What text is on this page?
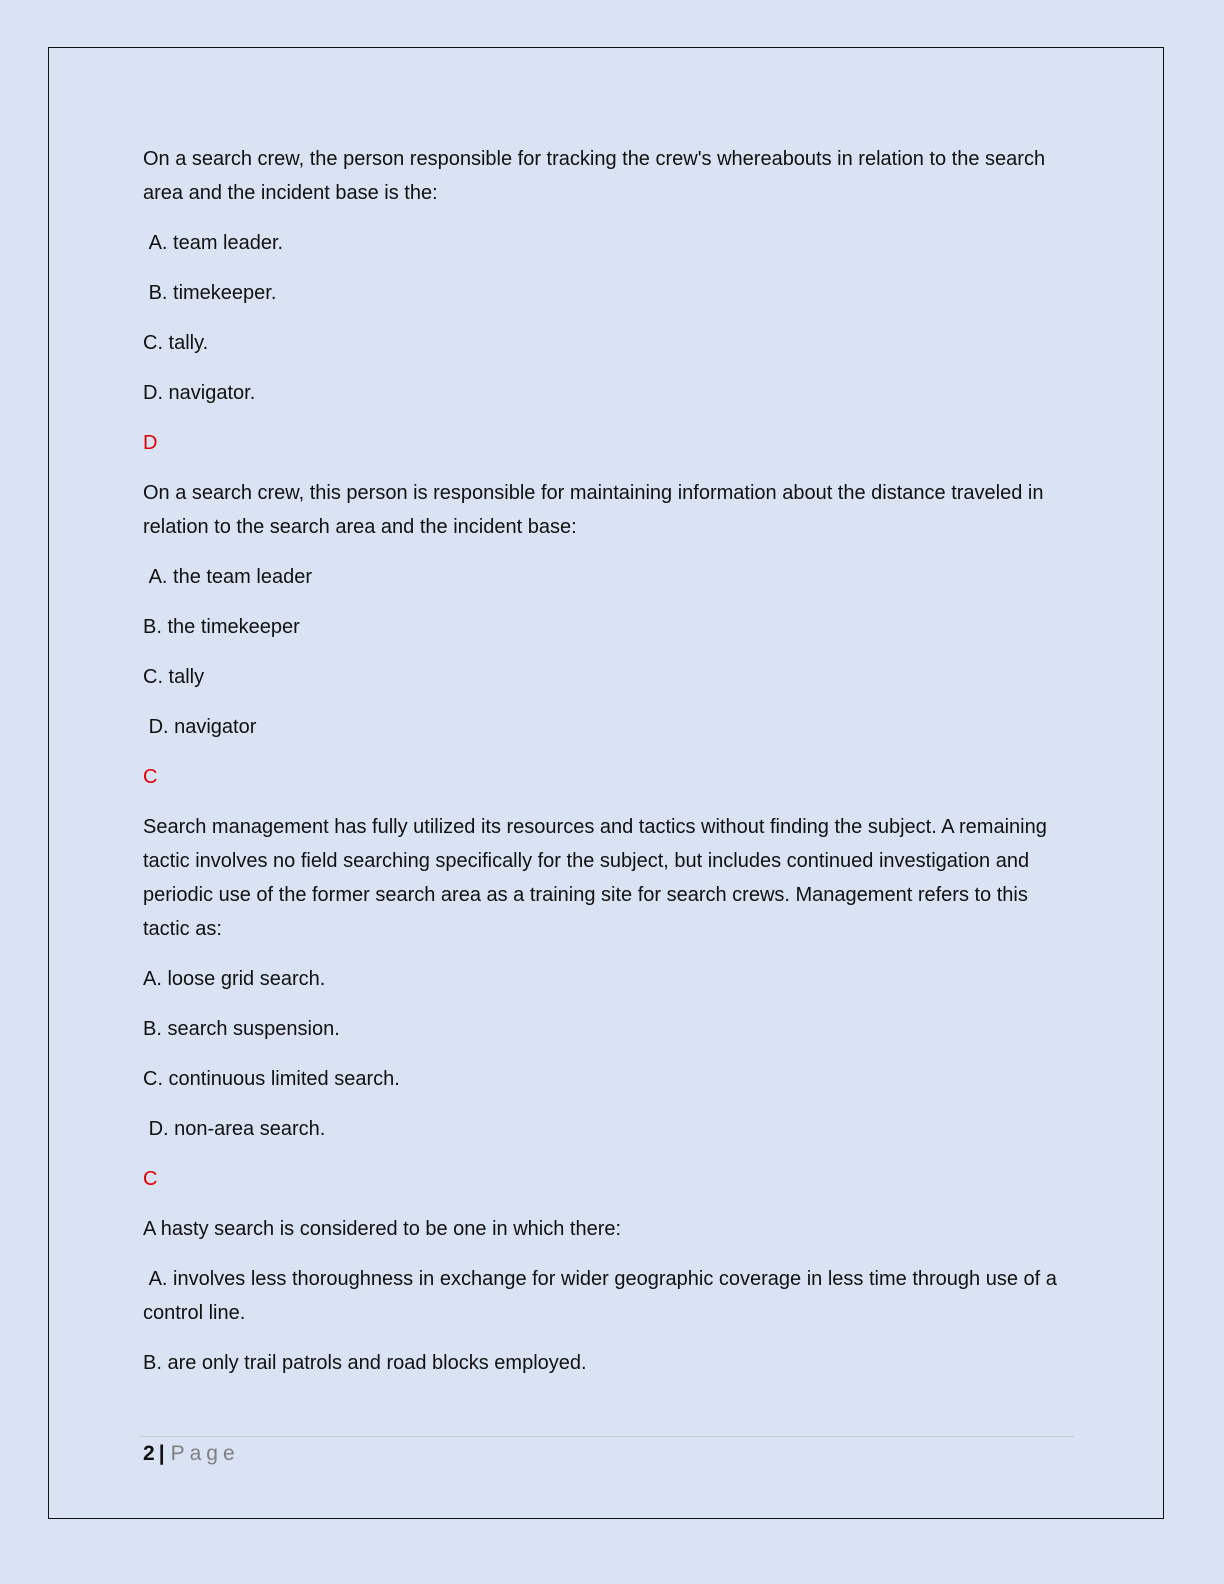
On a search crew, the person responsible for tracking the crew's whereabouts in relation to the search area and the incident base is the:

A. team leader.

B. timekeeper.

C. tally.

D. navigator.

D

On a search crew, this person is responsible for maintaining information about the distance traveled in relation to the search area and the incident base:

A. the team leader

B. the timekeeper

C. tally

D. navigator

C

Search management has fully utilized its resources and tactics without finding the subject. A remaining tactic involves no field searching specifically for the subject, but includes continued investigation and periodic use of the former search area as a training site for search crews. Management refers to this tactic as:

A. loose grid search.

B. search suspension.

C. continuous limited search.

D. non-area search.

C

A hasty search is considered to be one in which there:

A. involves less thoroughness in exchange for wider geographic coverage in less time through use of a control line.

B. are only trail patrols and road blocks employed.

2 | Page
